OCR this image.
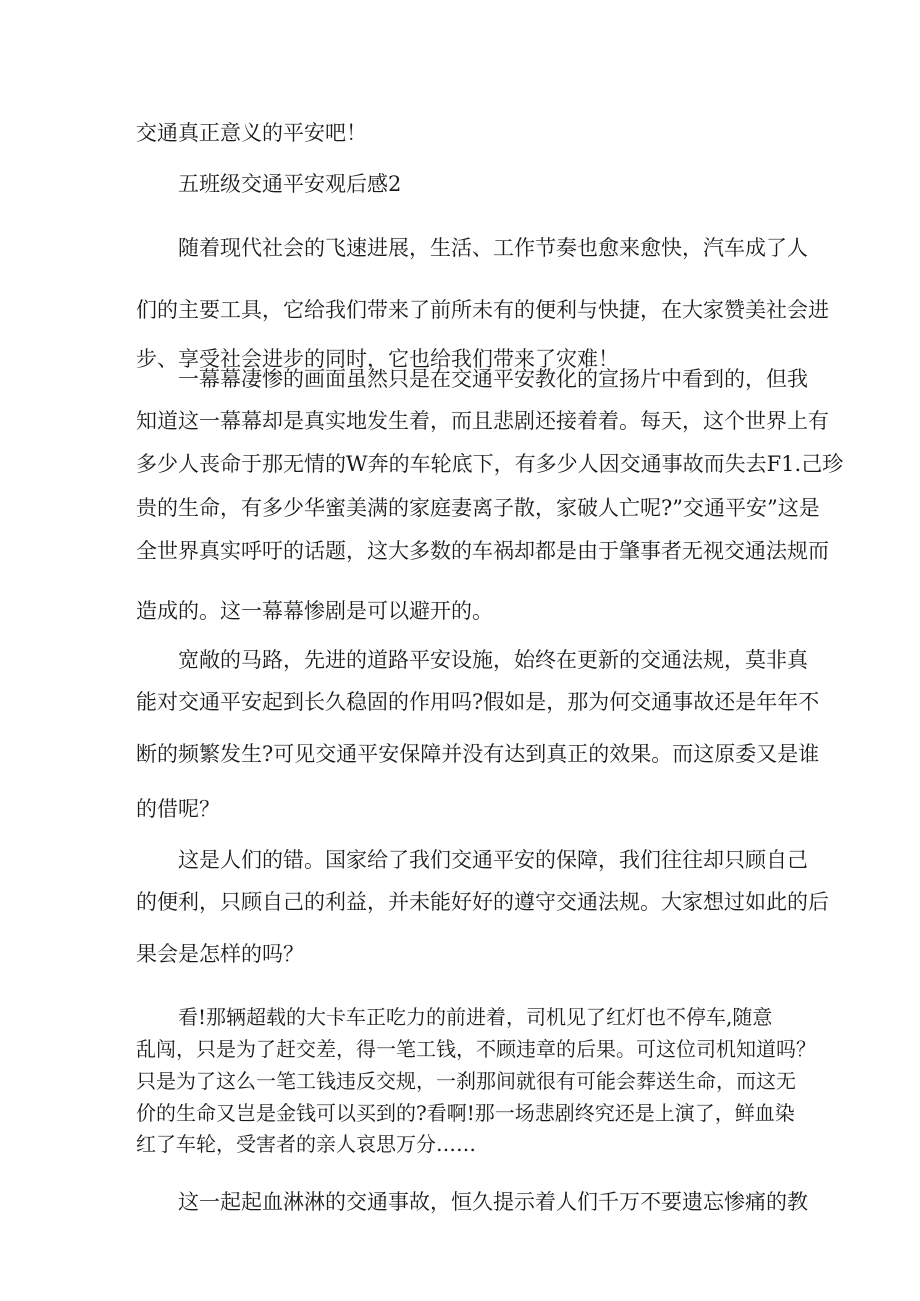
交通真正意义的平安吧！

五班级交通平安观后感2

随着现代社会的飞速进展，生活、工作节奏也愈来愈快，汽车成了人

们的主要工具，它给我们带来了前所未有的便利与快捷，在大家赞美社会进

步、享受社会进步的同时，它也给我们带来了灾难！

一幕幕凄惨的画面虽然只是在交通平安教化的宣扬片中看到的，但我

知道这一幕幕却是真实地发生着，而且悲剧还接着着。每天，这个世界上有

多少人丧命于那无情的W奔的车轮底下，有多少人因交通事故而失去F1.己珍

贵的生命，有多少华蜜美满的家庭妻离子散，家破人亡呢?”交通平安”这是

全世界真实呼吁的话题，这大多数的车祸却都是由于肇事者无视交通法规而

造成的。这一幕幕惨剧是可以避开的。

宽敞的马路，先进的道路平安设施，始终在更新的交通法规，莫非真

能对交通平安起到长久稳固的作用吗?假如是，那为何交通事故还是年年不

断的频繁发生?可见交通平安保障并没有达到真正的效果。而这原委又是谁

的借呢？

这是人们的错。国家给了我们交通平安的保障，我们往往却只顾自己

的便利，只顾自己的利益，并未能好好的遵守交通法规。大家想过如此的后

果会是怎样的吗？

看!那辆超载的大卡车正吃力的前进着，司机见了红灯也不停车,随意

乱闯，只是为了赶交差，得一笔工钱，不顾违章的后果。可这位司机知道吗？

只是为了这么一笔工钱违反交规，一刹那间就很有可能会葬送生命，而这无

价的生命又岂是金钱可以买到的?看啊!那一场悲剧终究还是上演了，鲜血染

红了车轮，受害者的亲人哀思万分……

这一起起血淋淋的交通事故，恒久提示着人们千万不要遗忘惨痛的教
